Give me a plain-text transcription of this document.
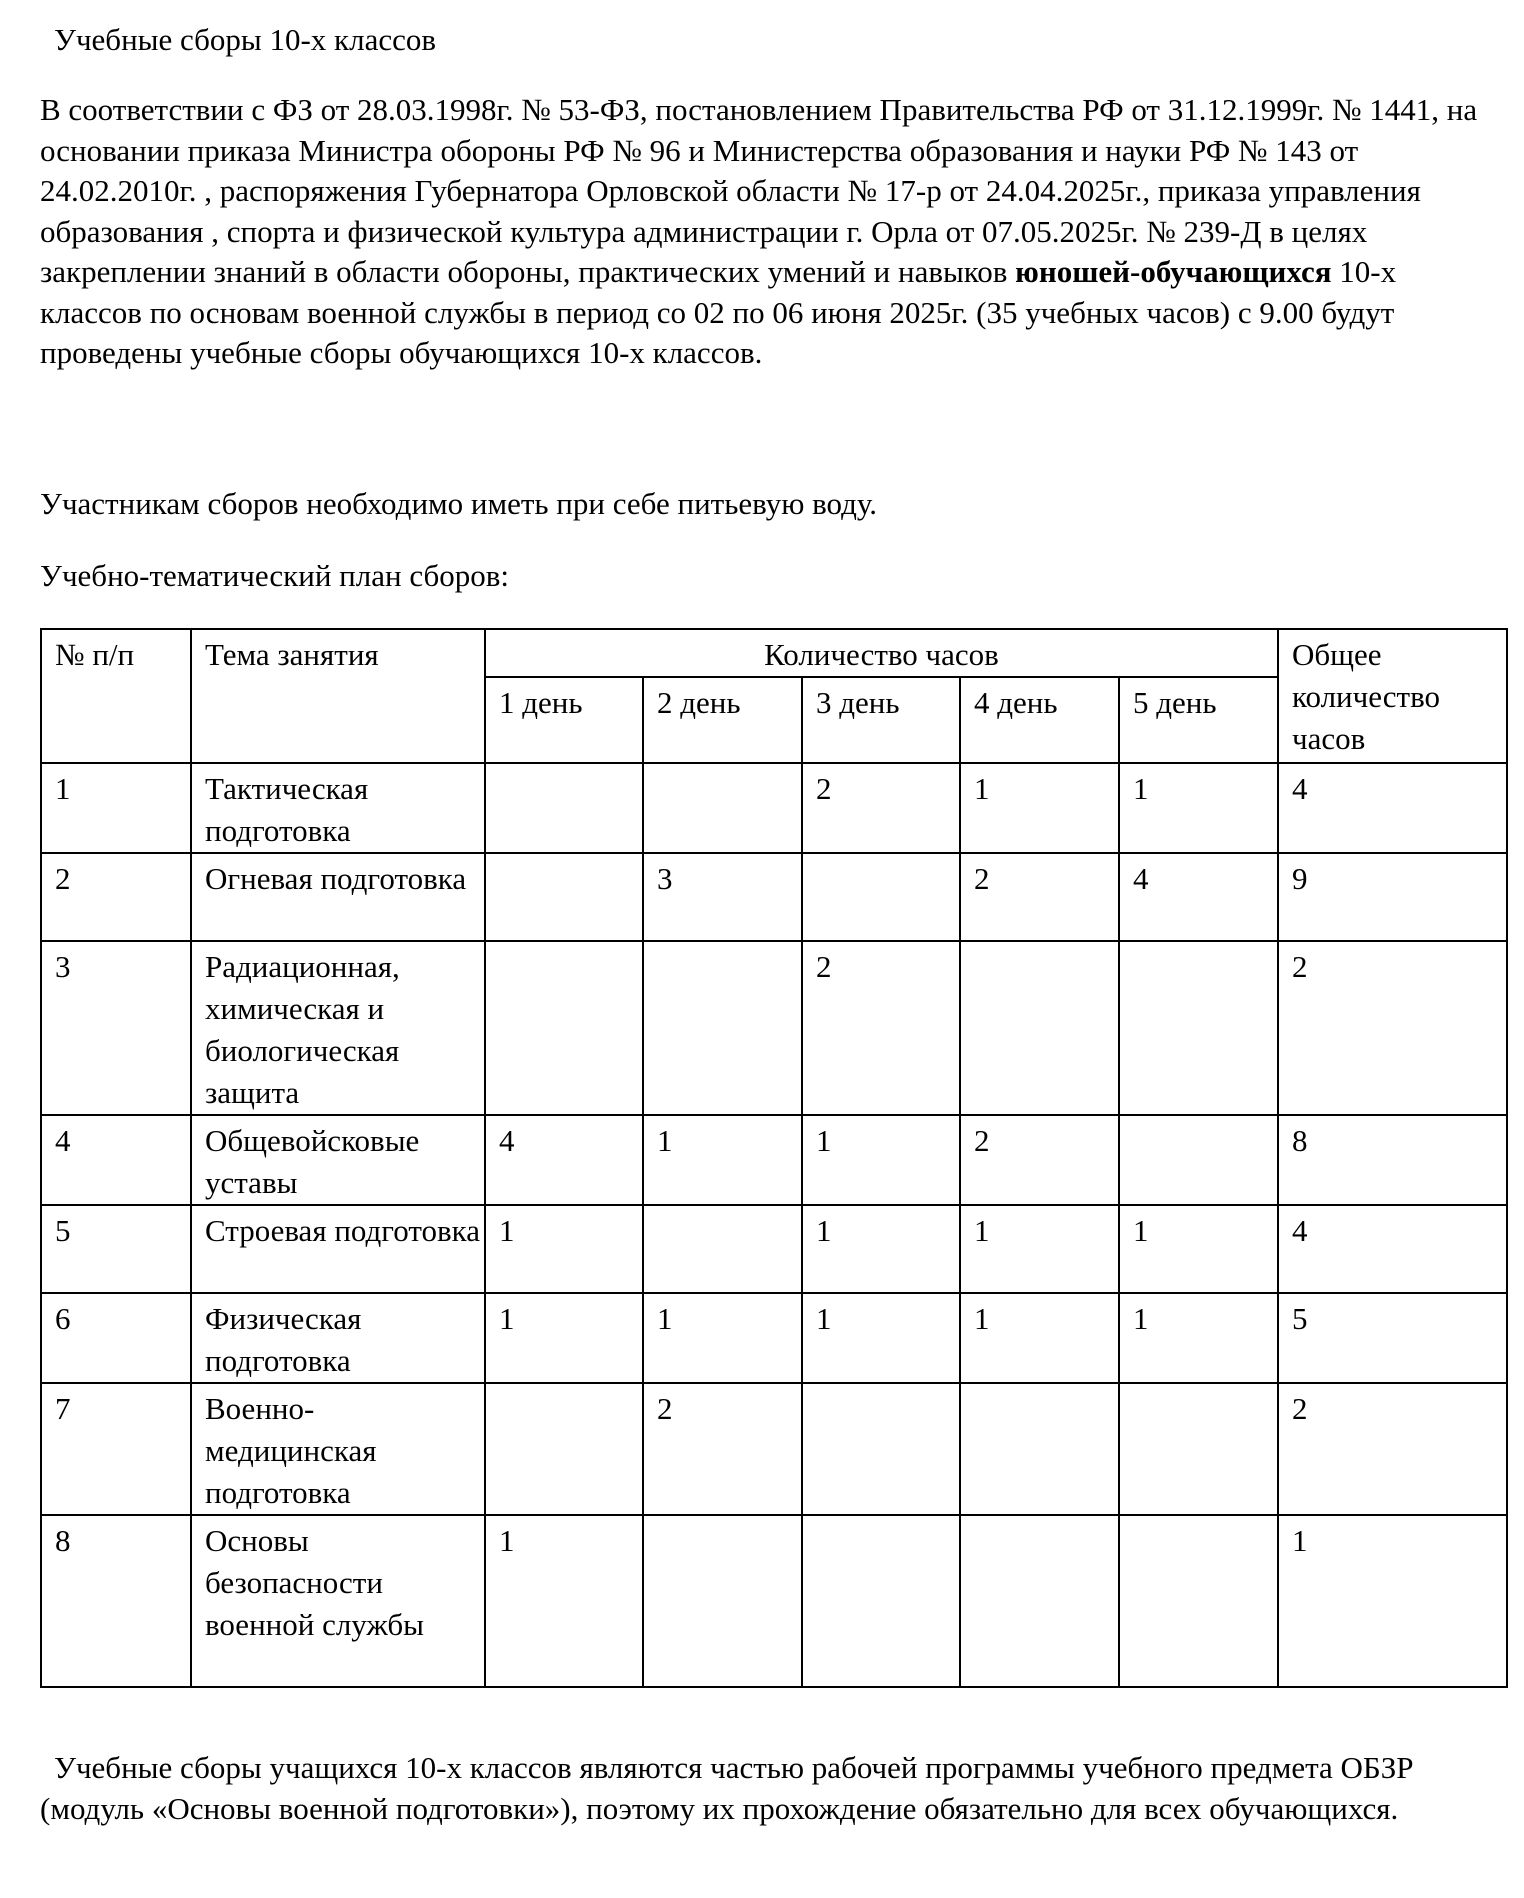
Учебные сборы 10-х классов

В соответствии с ФЗ от 28.03.1998г. № 53-ФЗ, постановлением Правительства РФ от 31.12.1999г. № 1441, на основании приказа Министра обороны РФ № 96 и Министерства образования и науки РФ № 143 от 24.02.2010г. , распоряжения Губернатора Орловской области № 17-р от 24.04.2025г., приказа управления образования , спорта и физической культура администрации г. Орла от 07.05.2025г. № 239-Д в целях закреплении знаний в области обороны, практических умений и навыков юношей-обучающихся 10-х классов по основам военной службы в период со 02 по 06 июня 2025г. (35 учебных часов) с 9.00 будут проведены учебные сборы обучающихся 10-х классов.

Участникам сборов необходимо иметь при себе питьевую воду.

Учебно-тематический план сборов:

№ п/п	Тема занятия	Количество часов					Общее количество часов

		1 день	2 день	3 день	4 день	5 день	

1	Тактическая подготовка			2	1	1	4

2	Огневая подготовка		3		2	4	9

3	Радиационная, химическая и биологическая защита			2			2

4	Общевойсковые уставы	4	1	1	2		8

5	Строевая подготовка	1		1	1	1	4

6	Физическая подготовка	1	1	1	1	1	5

7	Военно-медицинская подготовка		2				2

8	Основы безопасности военной службы	1					1

Учебные сборы учащихся 10-х классов являются частью рабочей программы учебного предмета ОБЗР (модуль «Основы военной подготовки»), поэтому их прохождение обязательно для всех обучающихся.
